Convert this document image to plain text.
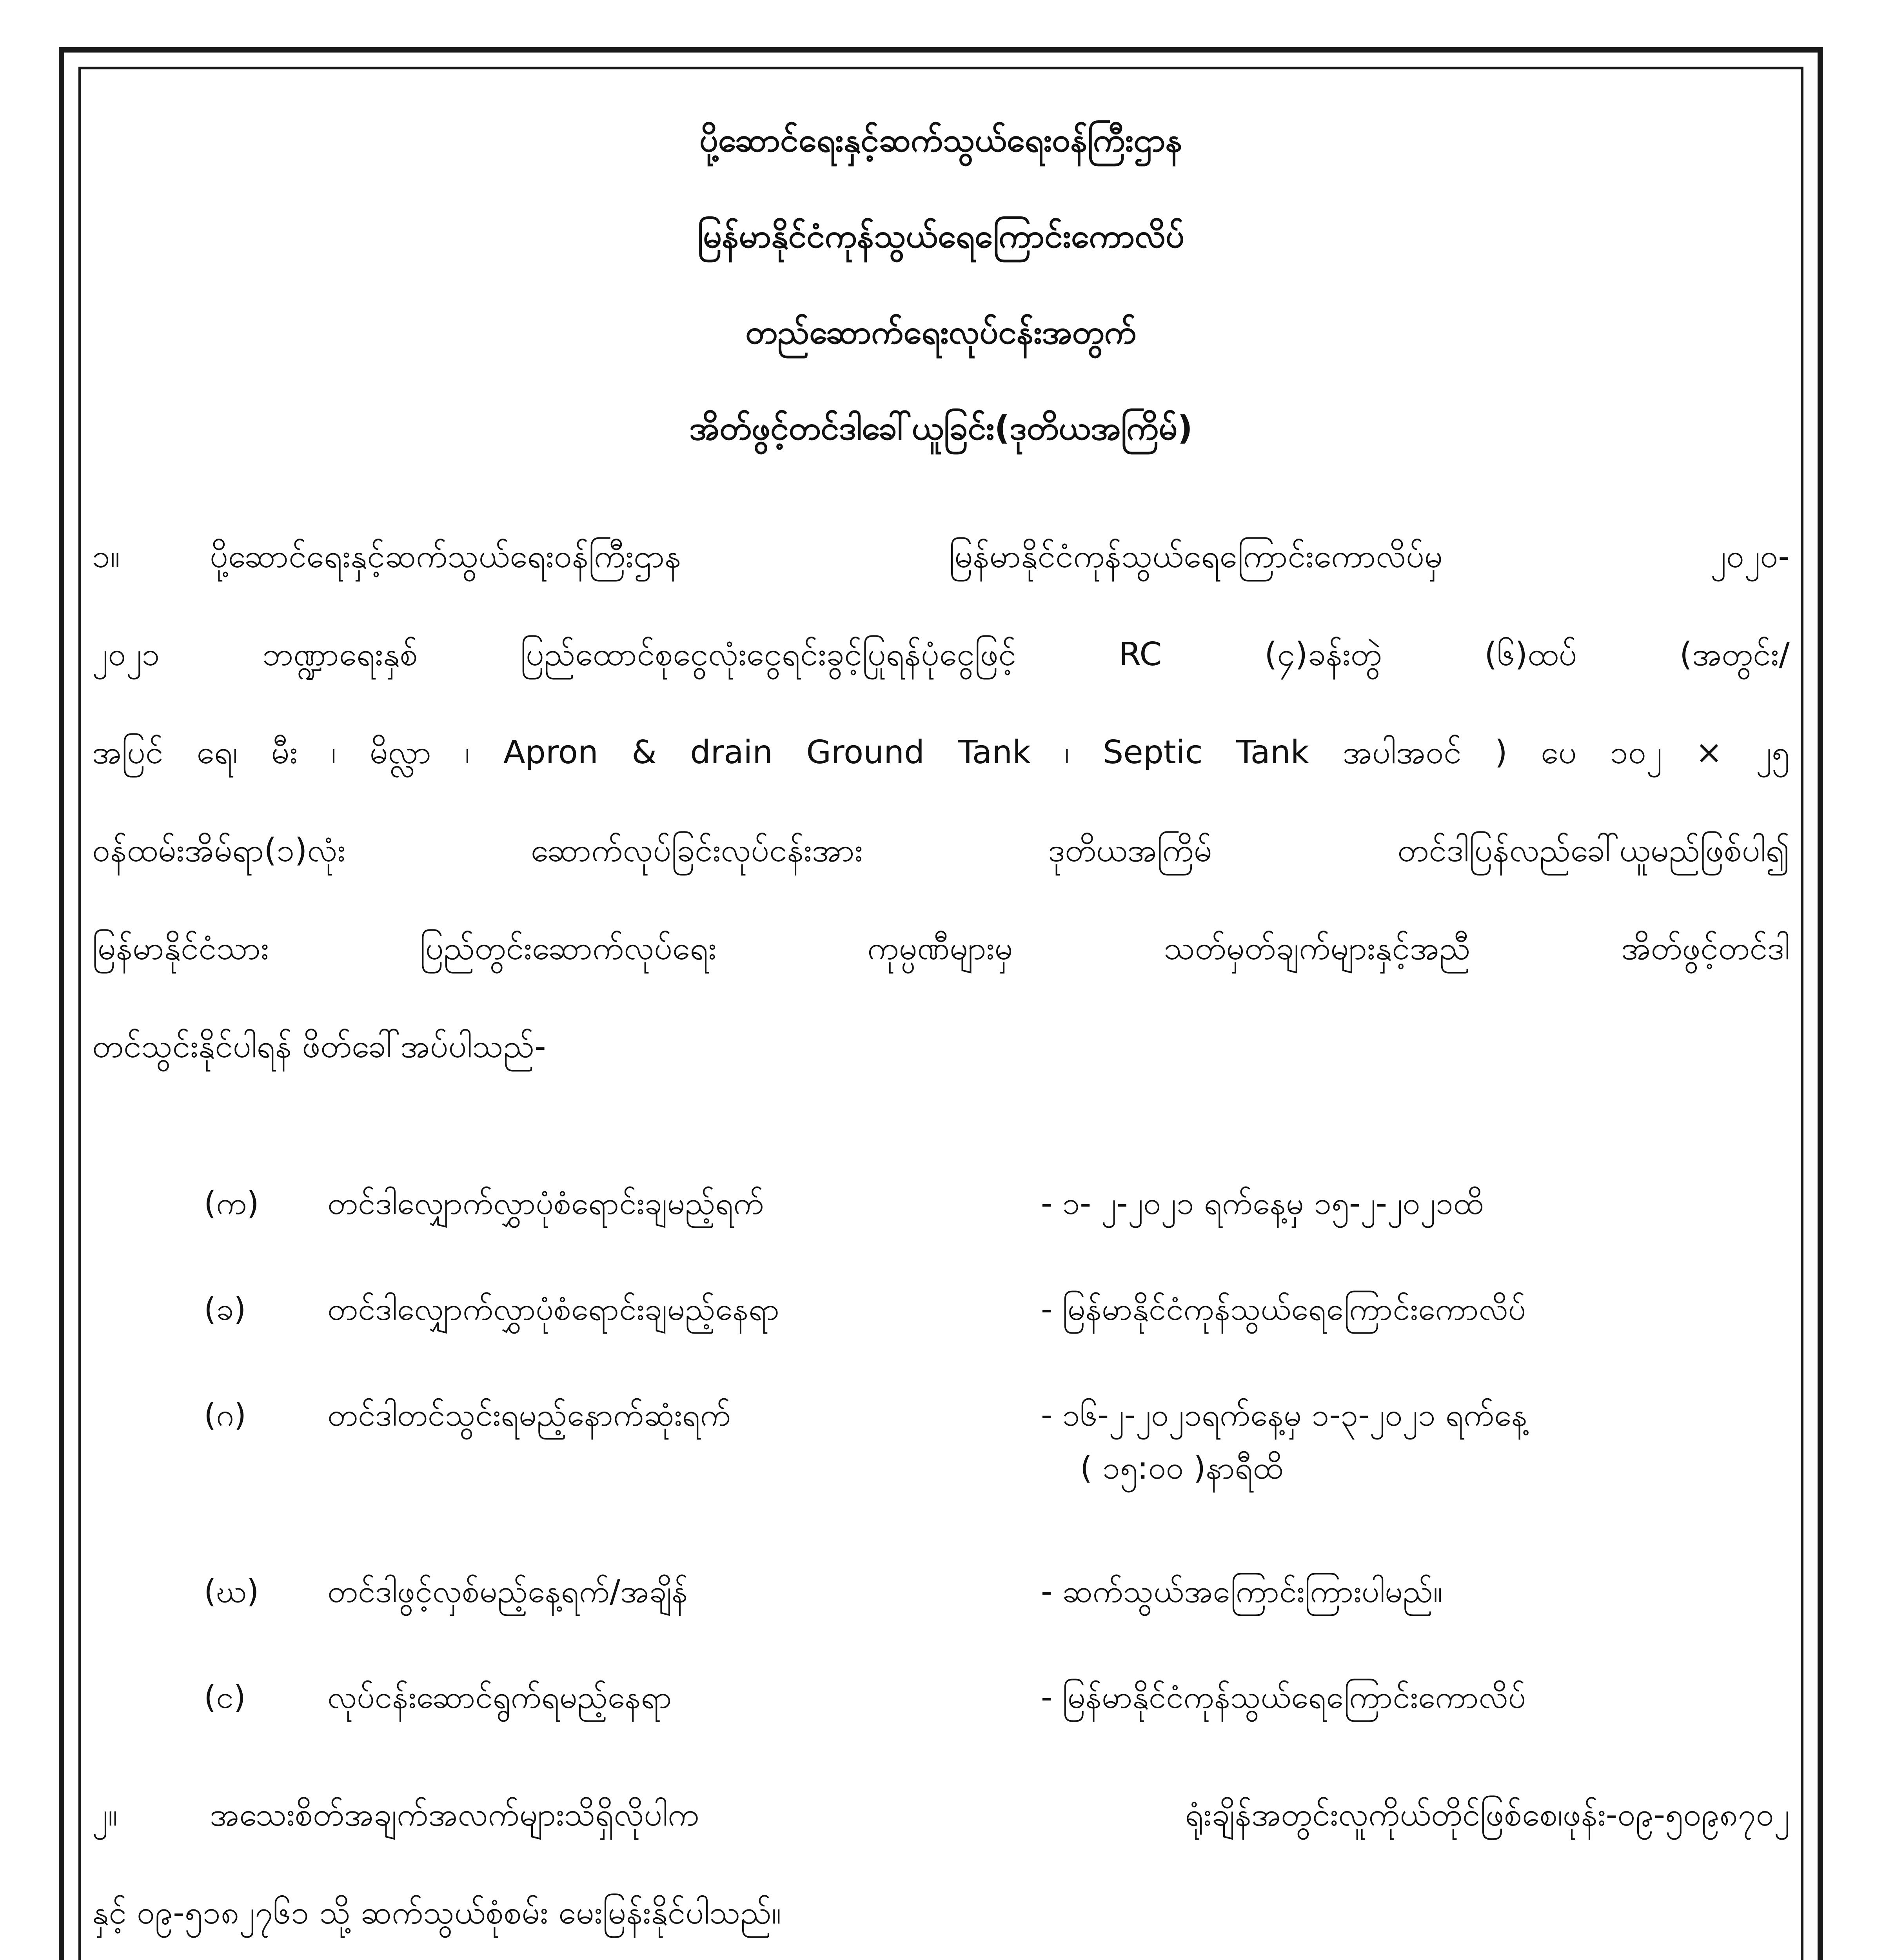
ပို့ဆောင်ရေးနှင့်ဆက်သွယ်ရေးဝန်ကြီးဌာန
မြန်မာနိုင်ငံကုန်သွယ်ရေကြောင်းကောလိပ်
တည်ဆောက်ရေးလုပ်ငန်းအတွက်
အိတ်ဖွင့်တင်ဒါခေါ်ယူခြင်း(ဒုတိယအကြိမ်)
၁။	ပို့ဆောင်ရေးနှင့်ဆက်သွယ်ရေးဝန်ကြီးဌာန မြန်မာနိုင်ငံကုန်သွယ်ရေကြောင်းကောလိပ်မှ ၂၀၂၀-
၂၀၂၁ ဘဏ္ဍာရေးနှစ် ပြည်ထောင်စုငွေလုံးငွေရင်းခွင့်ပြုရန်ပုံငွေဖြင့် RC (၄)ခန်းတွဲ (၆)ထပ် (အတွင်း/
အပြင် ရေ၊ မီး ၊ မိလ္လာ ၊ Apron & drain Ground Tank ၊ Septic Tank အပါအဝင် ) ပေ ၁၀၂ × ၂၅
ဝန်ထမ်းအိမ်ရာ(၁)လုံး ဆောက်လုပ်ခြင်းလုပ်ငန်းအား ဒုတိယအကြိမ် တင်ဒါပြန်လည်ခေါ်ယူမည်ဖြစ်ပါ၍
မြန်မာနိုင်ငံသား ပြည်တွင်းဆောက်လုပ်ရေး ကုမ္ပဏီများမှ သတ်မှတ်ချက်များနှင့်အညီ အိတ်ဖွင့်တင်ဒါ
တင်သွင်းနိုင်ပါရန် ဖိတ်ခေါ်အပ်ပါသည်-
(က) တင်ဒါလျှောက်လွှာပုံစံရောင်းချမည့်ရက်	- ၁- ၂-၂၀၂၁ ရက်နေ့မှ ၁၅-၂-၂၀၂၁ထိ
(ခ)	တင်ဒါလျှောက်လွှာပုံစံရောင်းချမည့်နေရာ	- မြန်မာနိုင်ငံကုန်သွယ်ရေကြောင်းကောလိပ်
(ဂ)	တင်ဒါတင်သွင်းရမည့်နောက်ဆုံးရက်	- ၁၆-၂-၂၀၂၁ရက်နေ့မှ ၁-၃-၂၀၂၁ ရက်နေ့
( ၁၅:၀၀ )နာရီထိ
(ဃ) တင်ဒါဖွင့်လှစ်မည့်နေ့ရက်/အချိန်	- ဆက်သွယ်အကြောင်းကြားပါမည်။
(င)	လုပ်ငန်းဆောင်ရွက်ရမည့်နေရာ	- မြန်မာနိုင်ငံကုန်သွယ်ရေကြောင်းကောလိပ်
၂။	အသေးစိတ်အချက်အလက်များသိရှိလိုပါက ရုံးချိန်အတွင်းလူကိုယ်တိုင်ဖြစ်စေ၊ဖုန်း-၀၉-၅၀၉၈၇၀၂
နှင့် ၀၉-၅၁၈၂၇၆၁ သို့ ဆက်သွယ်စုံစမ်း မေးမြန်းနိုင်ပါသည်။
